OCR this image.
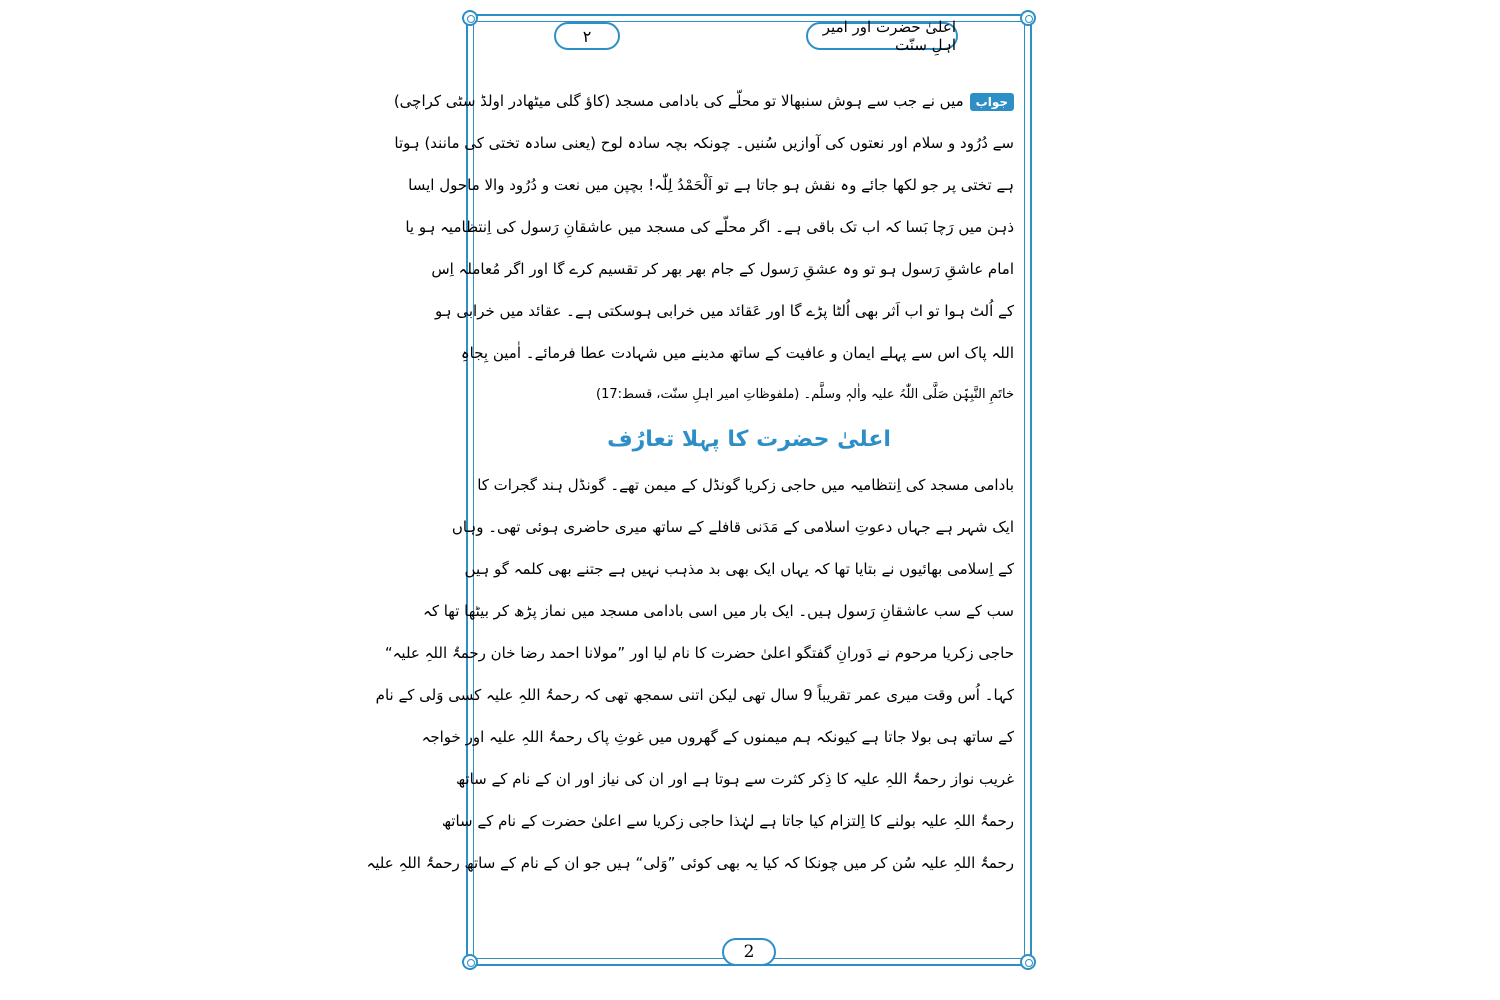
۲	اعلیٰ حضرت اور امیر اہلِ سنّت
جوابمیں نے جب سے ہوش سنبھالا تو محلّے کی بادامی مسجد (کاؤ گلی میٹھادر اولڈ سٹی کراچی)
سے دُرُود و سلام اور نعتوں کی آوازیں سُنیں۔ چونکہ بچہ سادہ لوح (یعنی سادہ تختی کی مانند) ہوتا
ہے تختی پر جو لکھا جائے وہ نقش ہو جاتا ہے تو اَلْحَمْدُ لِلّٰہ! بچپن میں نعت و دُرُود والا ماحول ایسا
ذہن میں رَچا بَسا کہ اب تک باقی ہے۔ اگر محلّے کی مسجد میں عاشقانِ رَسول کی اِنتظامیہ ہو یا
امام عاشقِ رَسول ہو تو وہ عشقِ رَسول کے جام بھر بھر کر تقسیم کرے گا اور اگر مُعاملہ اِس
کے اُلٹ ہوا تو اب اَثر بھی اُلٹا پڑے گا اور عَقائد میں خرابی ہوسکتی ہے۔ عقائد میں خرابی ہو
اللہ پاک اس سے پہلے ایمان و عافیت کے ساتھ مدینے میں شہادت عطا فرمائے۔ اٰمین بِجاہِ
خاتَمِ النَّبِیّٖن صَلَّی اللّٰہُ علیہ واٰلہٖ وسلَّم۔ (ملفوظاتِ امیر اہلِ سنّت، قسط:17)
اعلیٰ حضرت کا پہلا تعارُف
بادامی مسجد کی اِنتظامیہ میں حاجی زکریا گونڈل کے میمن تھے۔ گونڈل ہند گجرات کا
ایک شہر ہے جہاں دعوتِ اسلامی کے مَدَنی قافلے کے ساتھ میری حاضری ہوئی تھی۔ وہاں
کے اِسلامی بھائیوں نے بتایا تھا کہ یہاں ایک بھی بد مذہب نہیں ہے جتنے بھی کلمہ گو ہیں
سب کے سب عاشقانِ رَسول ہیں۔ ایک بار میں اسی بادامی مسجد میں نماز پڑھ کر بیٹھا تھا کہ
حاجی زکریا مرحوم نے دَورانِ گفتگو اعلیٰ حضرت کا نام لیا اور ”مولانا احمد رضا خان رحمۃُ اللہِ علیہ“
کہا۔ اُس وقت میری عمر تقریباً 9 سال تھی لیکن اتنی سمجھ تھی کہ رحمۃُ اللہِ علیہ کسی وَلی کے نام
کے ساتھ ہی بولا جاتا ہے کیونکہ ہم میمنوں کے گھروں میں غوثِ پاک رحمۃُ اللہِ علیہ اور خواجہ
غریب نواز رحمۃُ اللہِ علیہ کا ذِکر کثرت سے ہوتا ہے اور ان کی نیاز اور ان کے نام کے ساتھ
رحمۃُ اللہِ علیہ بولنے کا اِلتزام کیا جاتا ہے لہٰذا حاجی زکریا سے اعلیٰ حضرت کے نام کے ساتھ
رحمۃُ اللہِ علیہ سُن کر میں چونکا کہ کیا یہ بھی کوئی ”وَلی“ ہیں جو ان کے نام کے ساتھ رحمۃُ اللہِ علیہ
2
